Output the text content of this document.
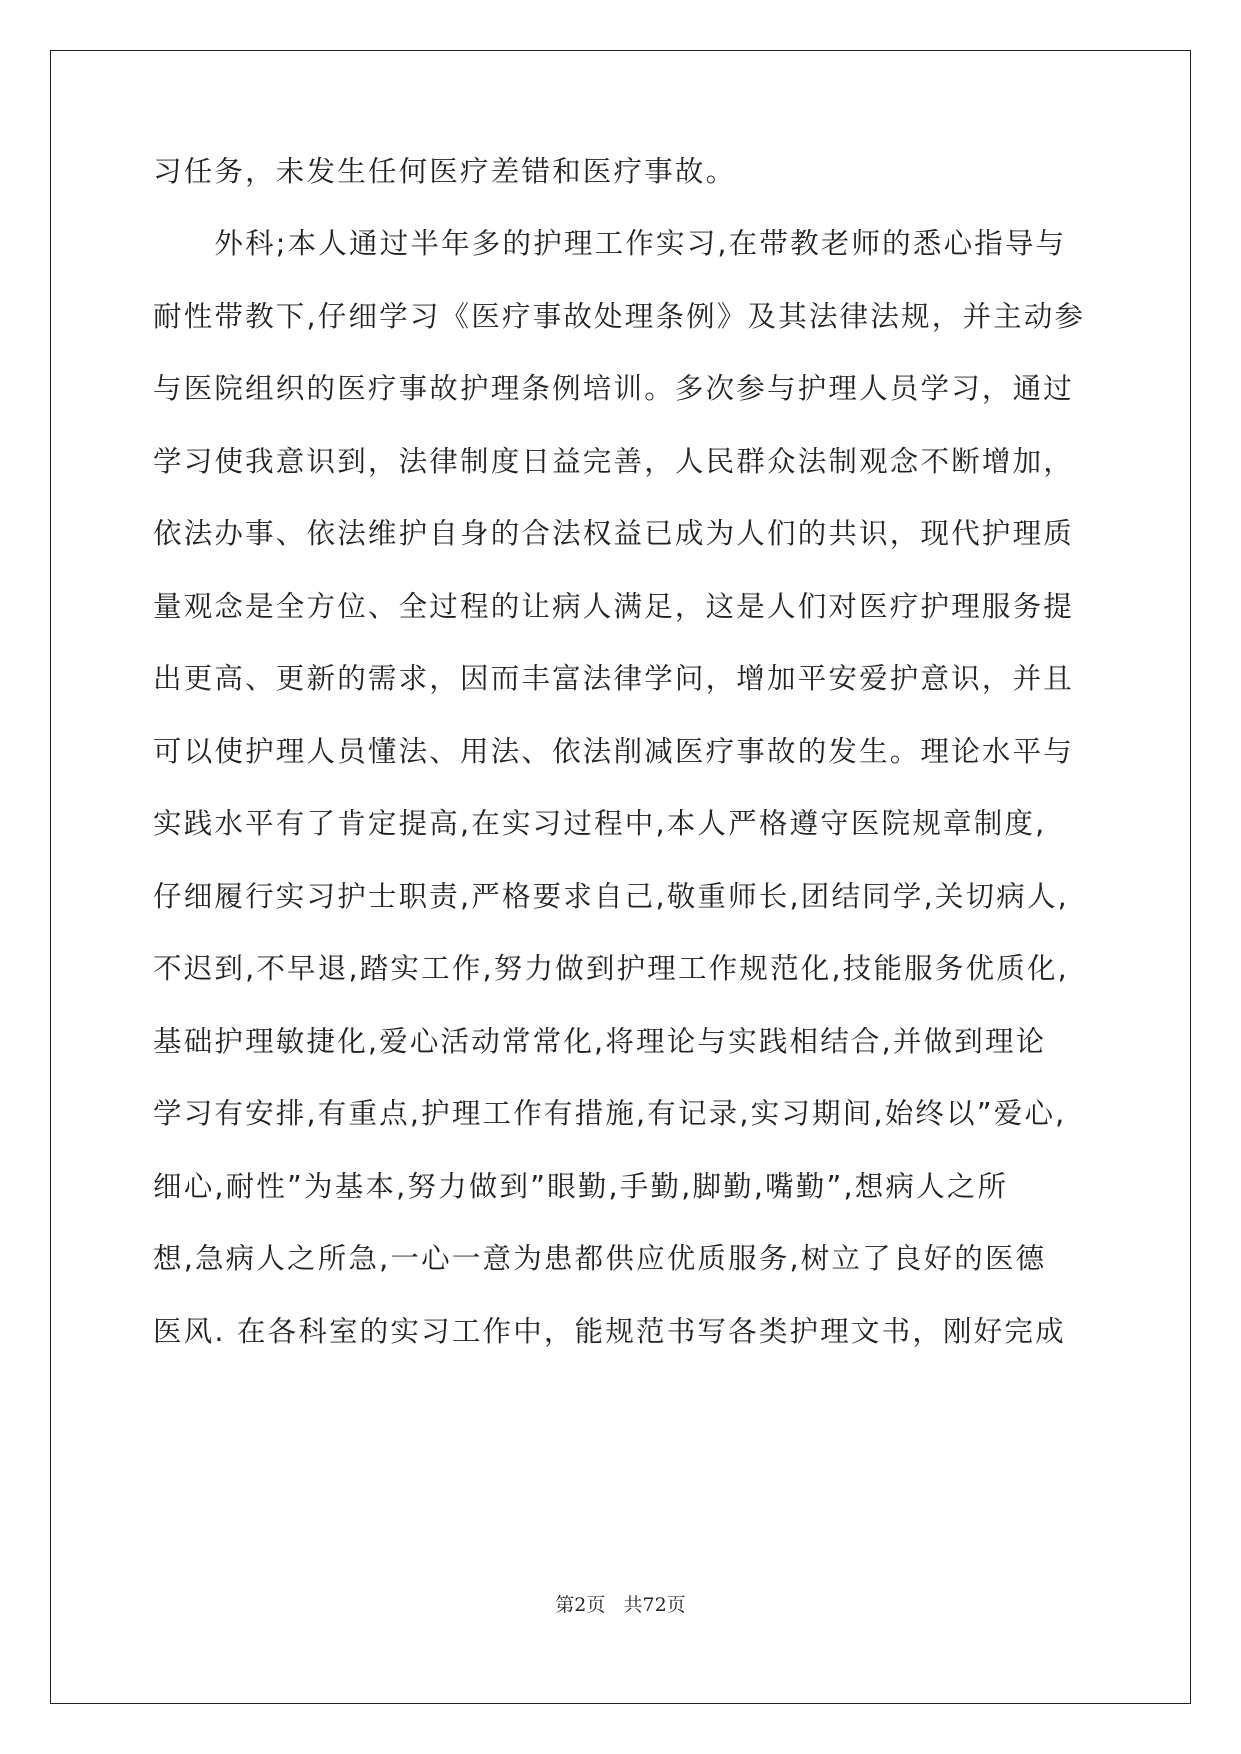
习任务，未发生任何医疗差错和医疗事故。
　　外科;本人通过半年多的护理工作实习,在带教老师的悉心指导与
耐性带教下,仔细学习《医疗事故处理条例》及其法律法规，并主动参
与医院组织的医疗事故护理条例培训。多次参与护理人员学习，通过
学习使我意识到，法律制度日益完善，人民群众法制观念不断增加，
依法办事、依法维护自身的合法权益已成为人们的共识，现代护理质
量观念是全方位、全过程的让病人满足，这是人们对医疗护理服务提
出更高、更新的需求，因而丰富法律学问，增加平安爱护意识，并且
可以使护理人员懂法、用法、依法削减医疗事故的发生。理论水平与
实践水平有了肯定提高,在实习过程中,本人严格遵守医院规章制度,
仔细履行实习护士职责,严格要求自己,敬重师长,团结同学,关切病人,
不迟到,不早退,踏实工作,努力做到护理工作规范化,技能服务优质化,
基础护理敏捷化,爱心活动常常化,将理论与实践相结合,并做到理论
学习有安排,有重点,护理工作有措施,有记录,实习期间,始终以”爱心,
细心,耐性”为基本,努力做到”眼勤,手勤,脚勤,嘴勤”,想病人之所
想,急病人之所急,一心一意为患都供应优质服务,树立了良好的医德
医风. 在各科室的实习工作中，能规范书写各类护理文书，刚好完成
第2页   共72页
